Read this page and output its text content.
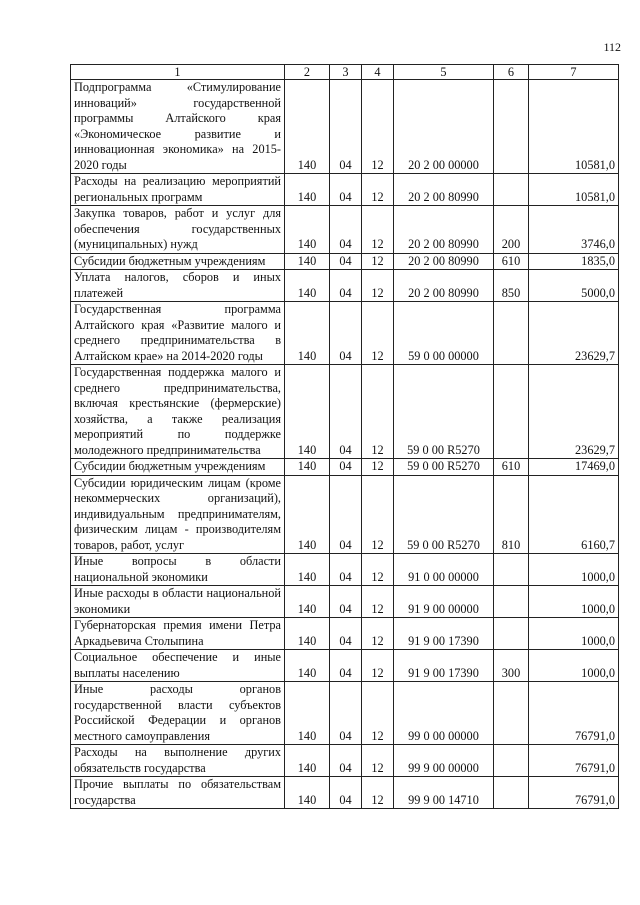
112
1	2	3	4	5	6	7
Подпрограмма «Стимулирование инноваций» государственной программы Алтайского края «Экономическое развитие и инновационная экономика» на 2015-2020 годы	140	04	12	20 2 00 00000		10581,0
Расходы на реализацию мероприятий региональных программ	140	04	12	20 2 00 80990		10581,0
Закупка товаров, работ и услуг для обеспечения государственных (муниципальных) нужд	140	04	12	20 2 00 80990	200	3746,0
Субсидии бюджетным учреждениям	140	04	12	20 2 00 80990	610	1835,0
Уплата налогов, сборов и иных платежей	140	04	12	20 2 00 80990	850	5000,0
Государственная программа Алтайского края «Развитие малого и среднего предпринимательства в Алтайском крае» на 2014-2020 годы	140	04	12	59 0 00 00000		23629,7
Государственная поддержка малого и среднего предпринимательства, включая крестьянские (фермерские) хозяйства, а также реализация мероприятий по поддержке молодежного предпринимательства	140	04	12	59 0 00 R5270		23629,7
Субсидии бюджетным учреждениям	140	04	12	59 0 00 R5270	610	17469,0
Субсидии юридическим лицам (кроме некоммерческих организаций), индивидуальным предпринимателям, физическим лицам - производителям товаров, работ, услуг	140	04	12	59 0 00 R5270	810	6160,7
Иные вопросы в области национальной экономики	140	04	12	91 0 00 00000		1000,0
Иные расходы в области национальной экономики	140	04	12	91 9 00 00000		1000,0
Губернаторская премия имени Петра Аркадьевича Столыпина	140	04	12	91 9 00 17390		1000,0
Социальное обеспечение и иные выплаты населению	140	04	12	91 9 00 17390	300	1000,0
Иные расходы органов государственной власти субъектов Российской Федерации и органов местного самоуправления	140	04	12	99 0 00 00000		76791,0
Расходы на выполнение других обязательств государства	140	04	12	99 9 00 00000		76791,0
Прочие выплаты по обязательствам государства	140	04	12	99 9 00 14710		76791,0
